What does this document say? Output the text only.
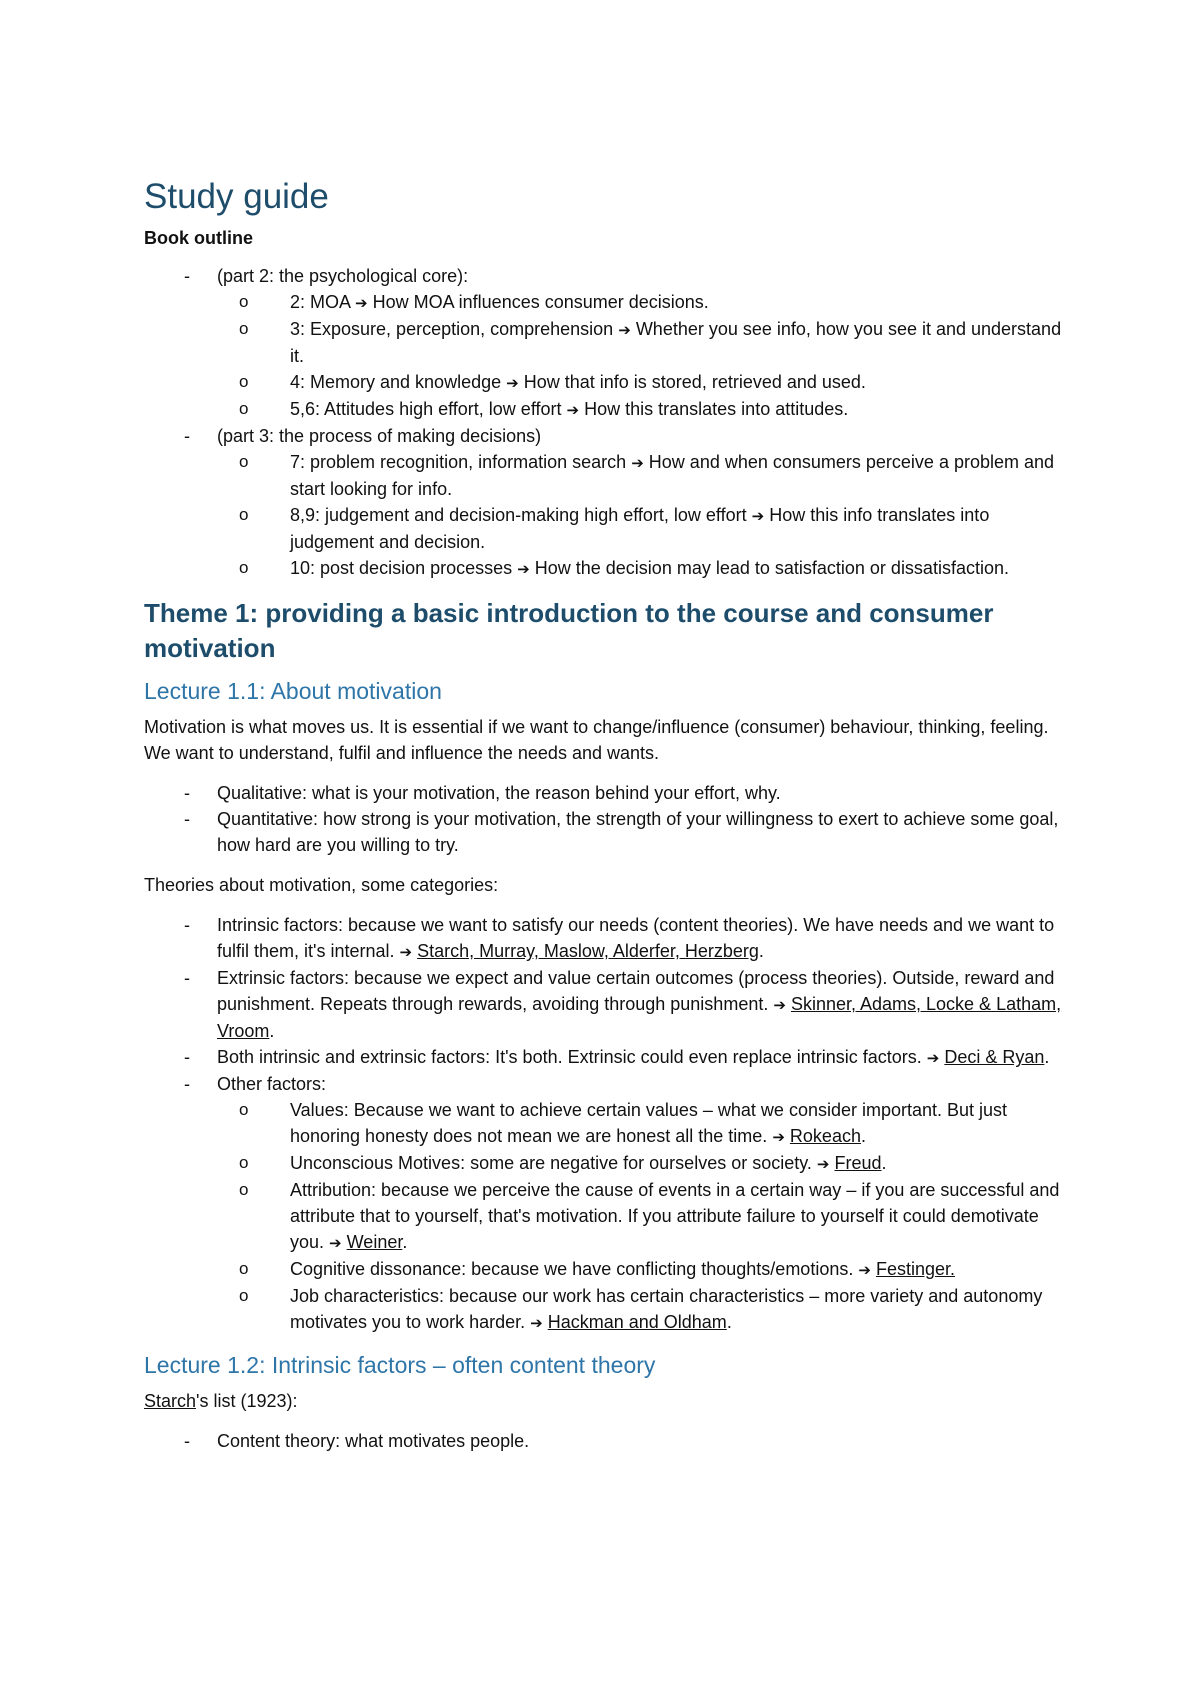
Study guide
Book outline
- (part 2: the psychological core):
o 2: MOA ➔ How MOA influences consumer decisions.
o 3: Exposure, perception, comprehension ➔ Whether you see info, how you see it and understand it.
o 4: Memory and knowledge ➔ How that info is stored, retrieved and used.
o 5,6: Attitudes high effort, low effort ➔ How this translates into attitudes.
- (part 3: the process of making decisions)
o 7: problem recognition, information search ➔ How and when consumers perceive a problem and start looking for info.
o 8,9: judgement and decision-making high effort, low effort ➔ How this info translates into judgement and decision.
o 10: post decision processes ➔ How the decision may lead to satisfaction or dissatisfaction.
Theme 1: providing a basic introduction to the course and consumer motivation
Lecture 1.1: About motivation

Motivation is what moves us. It is essential if we want to change/influence (consumer) behaviour, thinking, feeling. We want to understand, fulfil and influence the needs and wants.

- Qualitative: what is your motivation, the reason behind your effort, why.
- Quantitative: how strong is your motivation, the strength of your willingness to exert to achieve some goal, how hard are you willing to try.

Theories about motivation, some categories:

- Intrinsic factors: because we want to satisfy our needs (content theories). We have needs and we want to fulfil them, it's internal. ➔ Starch, Murray, Maslow, Alderfer, Herzberg.
- Extrinsic factors: because we expect and value certain outcomes (process theories). Outside, reward and punishment. Repeats through rewards, avoiding through punishment. ➔ Skinner, Adams, Locke & Latham, Vroom.
- Both intrinsic and extrinsic factors: It's both. Extrinsic could even replace intrinsic factors. ➔ Deci & Ryan.
- Other factors:
o Values: Because we want to achieve certain values – what we consider important. But just honoring honesty does not mean we are honest all the time. ➔ Rokeach.
o Unconscious Motives: some are negative for ourselves or society. ➔ Freud.
o Attribution: because we perceive the cause of events in a certain way – if you are successful and attribute that to yourself, that's motivation. If you attribute failure to yourself it could demotivate you. ➔ Weiner.
o Cognitive dissonance: because we have conflicting thoughts/emotions. ➔ Festinger.
o Job characteristics: because our work has certain characteristics – more variety and autonomy motivates you to work harder. ➔ Hackman and Oldham.
Lecture 1.2: Intrinsic factors – often content theory

Starch's list (1923):

- Content theory: what motivates people.
